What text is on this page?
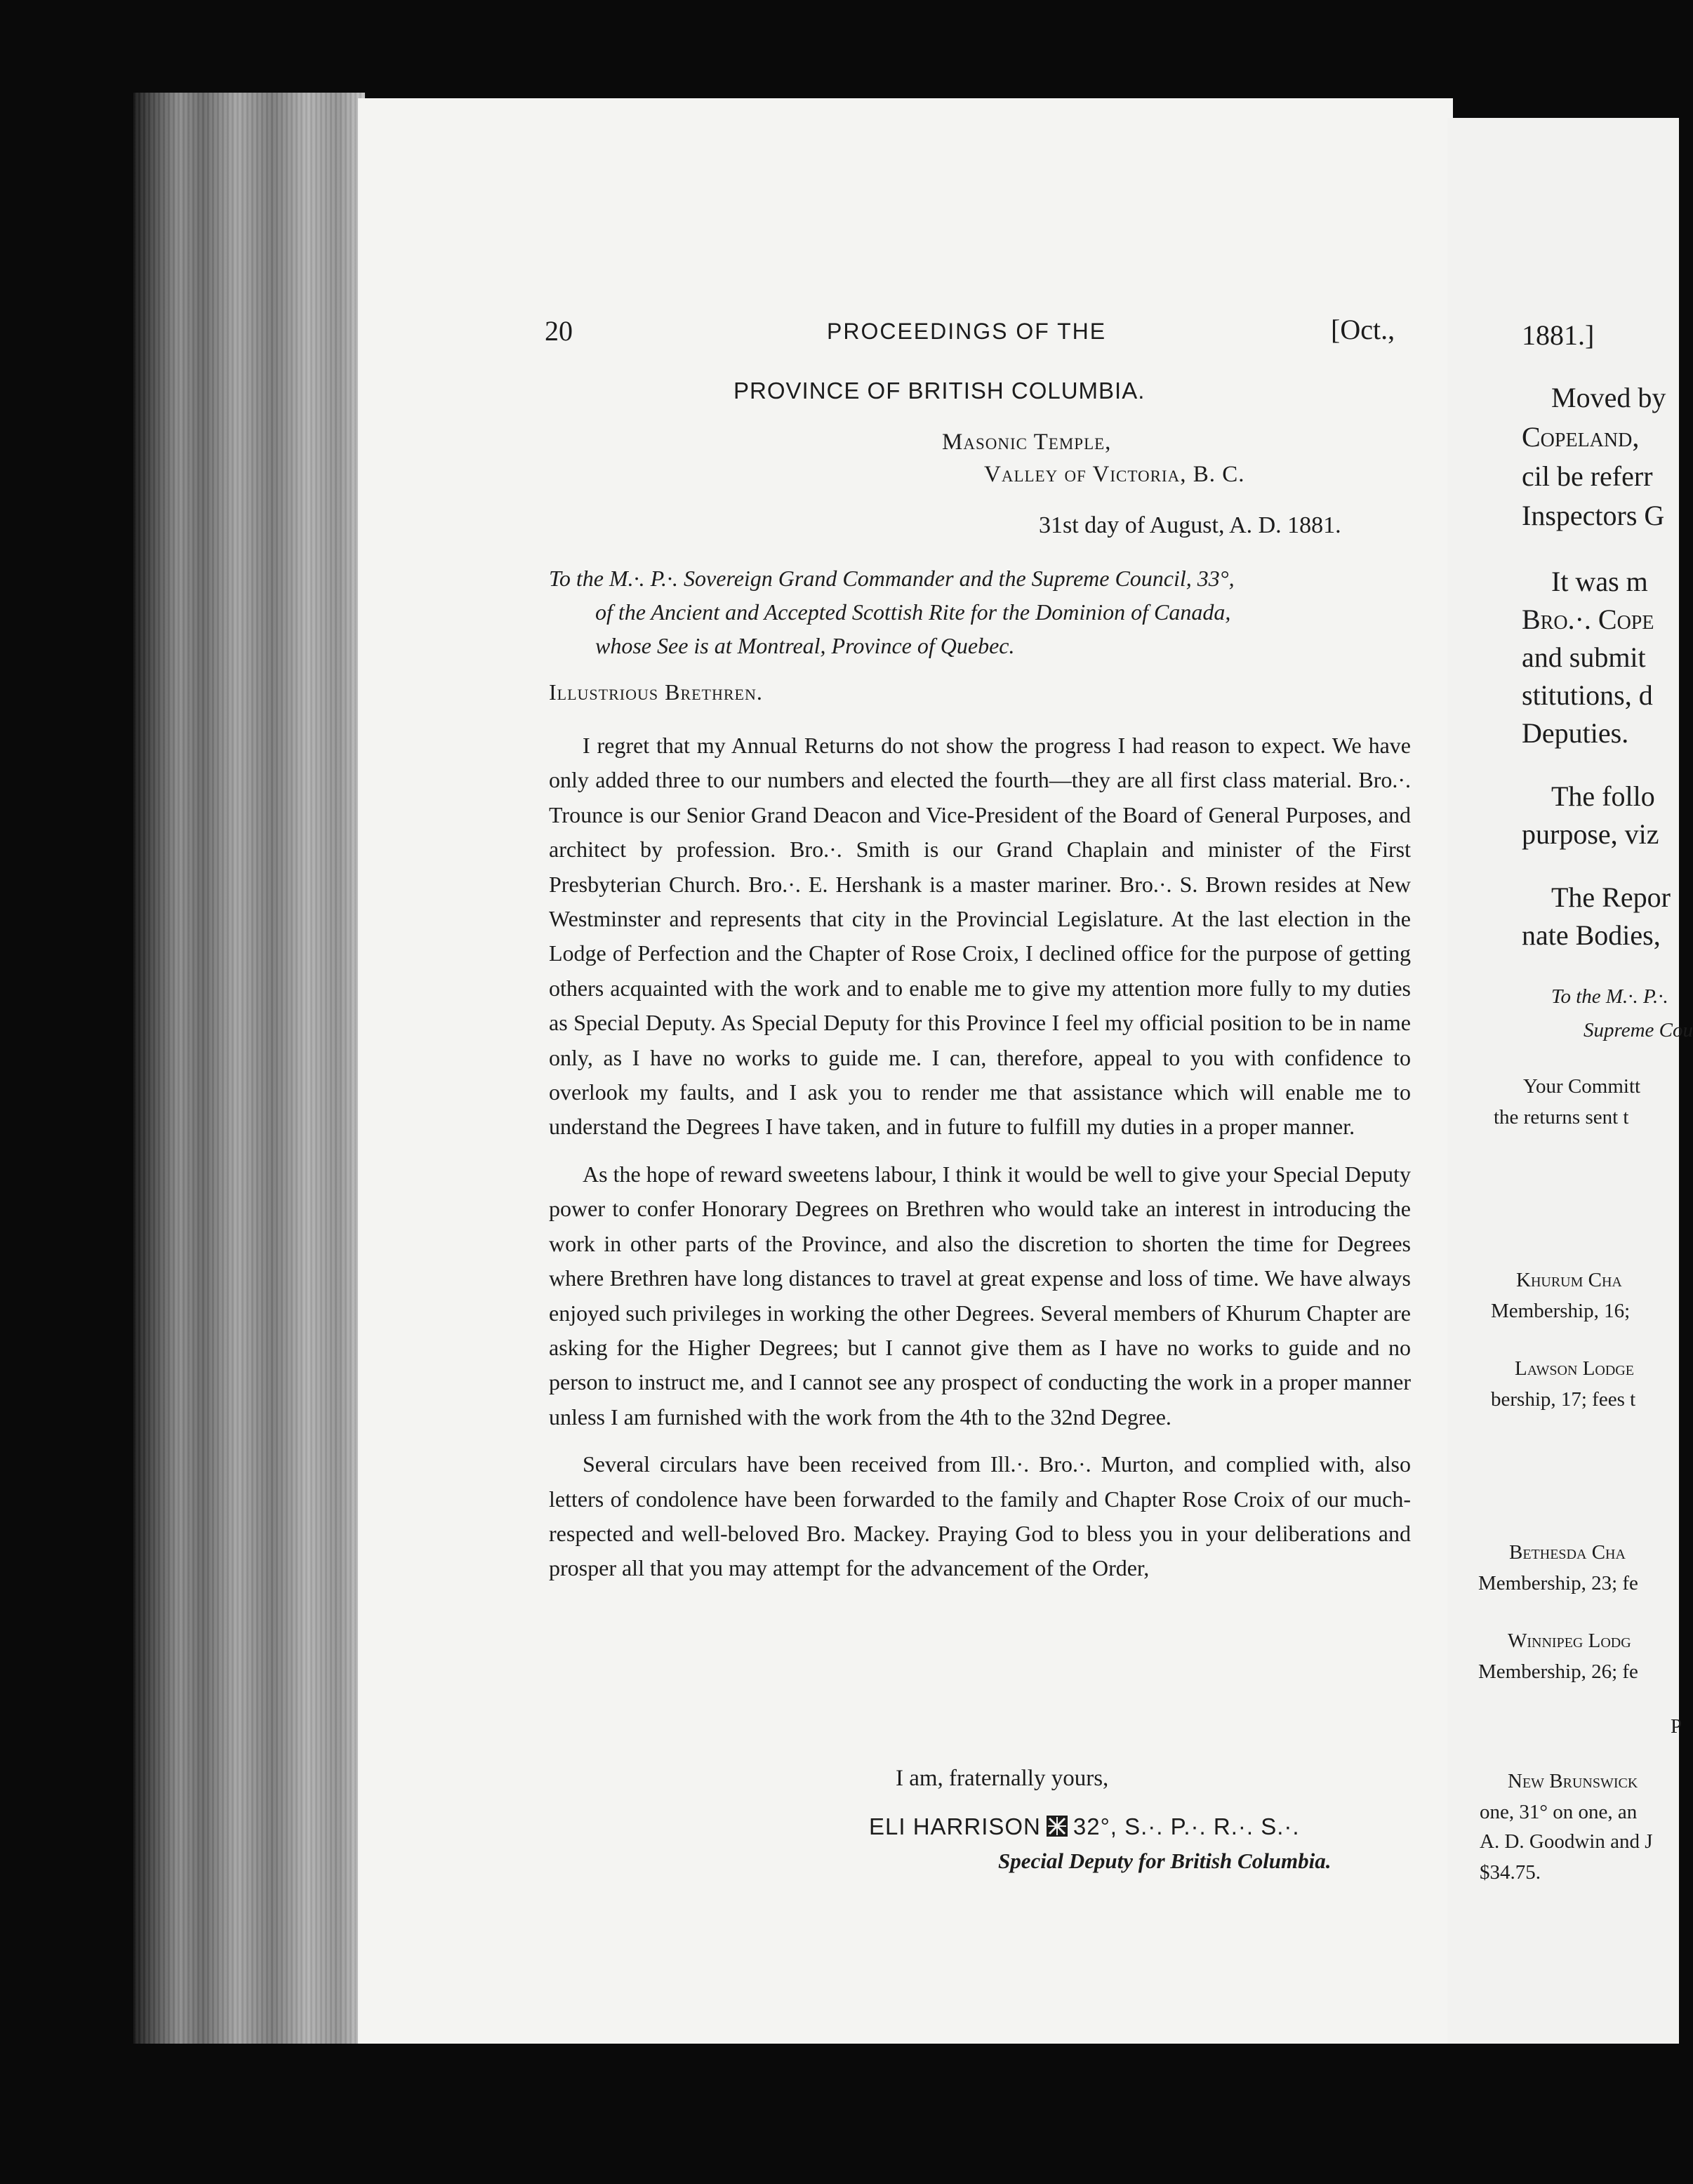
20	PROCEEDINGS OF THE	[Oct.,
PROVINCE OF BRITISH COLUMBIA.
Masonic Temple,
Valley of Victoria, B. C.
31st day of August, A. D. 1881.
To the M.·. P.·. Sovereign Grand Commander and the Supreme Council, 33°,
of the Ancient and Accepted Scottish Rite for the Dominion of Canada,
whose See is at Montreal, Province of Quebec.
Illustrious Brethren.

I regret that my Annual Returns do not show the progress I had reason to expect. We have only added three to our numbers and elected the fourth—they are all first class material. Bro.·. Trounce is our Senior Grand Deacon and Vice-President of the Board of General Purposes, and architect by profession. Bro.·. Smith is our Grand Chaplain and minister of the First Presbyterian Church. Bro.·. E. Hershank is a master mariner. Bro.·. S. Brown resides at New Westminster and represents that city in the Provincial Legislature. At the last election in the Lodge of Perfection and the Chapter of Rose Croix, I declined office for the purpose of getting others acquainted with the work and to enable me to give my attention more fully to my duties as Special Deputy. As Special Deputy for this Province I feel my official position to be in name only, as I have no works to guide me. I can, therefore, appeal to you with confidence to overlook my faults, and I ask you to render me that assistance which will enable me to understand the Degrees I have taken, and in future to fulfill my duties in a proper manner.

As the hope of reward sweetens labour, I think it would be well to give your Special Deputy power to confer Honorary Degrees on Brethren who would take an interest in introducing the work in other parts of the Province, and also the discretion to shorten the time for Degrees where Brethren have long distances to travel at great expense and loss of time. We have always enjoyed such privileges in working the other Degrees. Several members of Khurum Chapter are asking for the Higher Degrees; but I cannot give them as I have no works to guide and no person to instruct me, and I cannot see any prospect of conducting the work in a proper manner unless I am furnished with the work from the 4th to the 32nd Degree.

Several circulars have been received from Ill.·. Bro.·. Murton, and complied with, also letters of condolence have been forwarded to the family and Chapter Rose Croix of our much-respected and well-beloved Bro. Mackey. Praying God to bless you in your deliberations and prosper all that you may attempt for the advancement of the Order,

I am, fraternally yours,
ELI HARRISON 32°, S.·. P.·. R.·. S.·.
Special Deputy for British Columbia.
1881.]
Moved by
Copeland,
cil be referr
Inspectors G
It was m
Bro.·. Cope
and submit
stitutions, d
Deputies.
The follo
purpose, viz
The Repor
nate Bodies,
To the M.·. P.·.
Supreme Cou
Your Committ
the returns sent t
Khurum Cha
Membership, 16;
Lawson Lodge
bership, 17; fees t
Bethesda Cha
Membership, 23; fe
Winnipeg Lodg
Membership, 26; fe
P
New Brunswick
one, 31° on one, an
A. D. Goodwin and J
$34.75.
